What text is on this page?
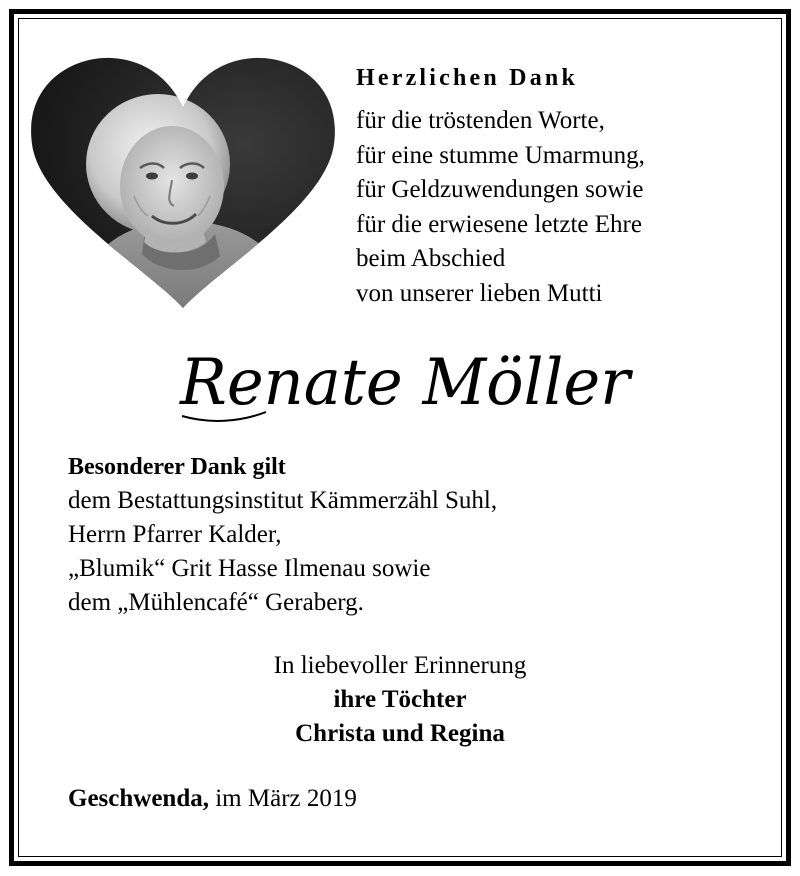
Herzlichen Dank
für die tröstenden Worte,
für eine stumme Umarmung,
für Geldzuwendungen sowie
für die erwiesene letzte Ehre
beim Abschied
von unserer lieben Mutti
Renate Möller
Besonderer Dank gilt
dem Bestattungsinstitut Kämmerzähl Suhl,
Herrn Pfarrer Kalder,
„Blumik“ Grit Hasse Ilmenau sowie
dem „Mühlencafé“ Geraberg.
In liebevoller Erinnerung
ihre Töchter
Christa und Regina
Geschwenda, im März 2019
